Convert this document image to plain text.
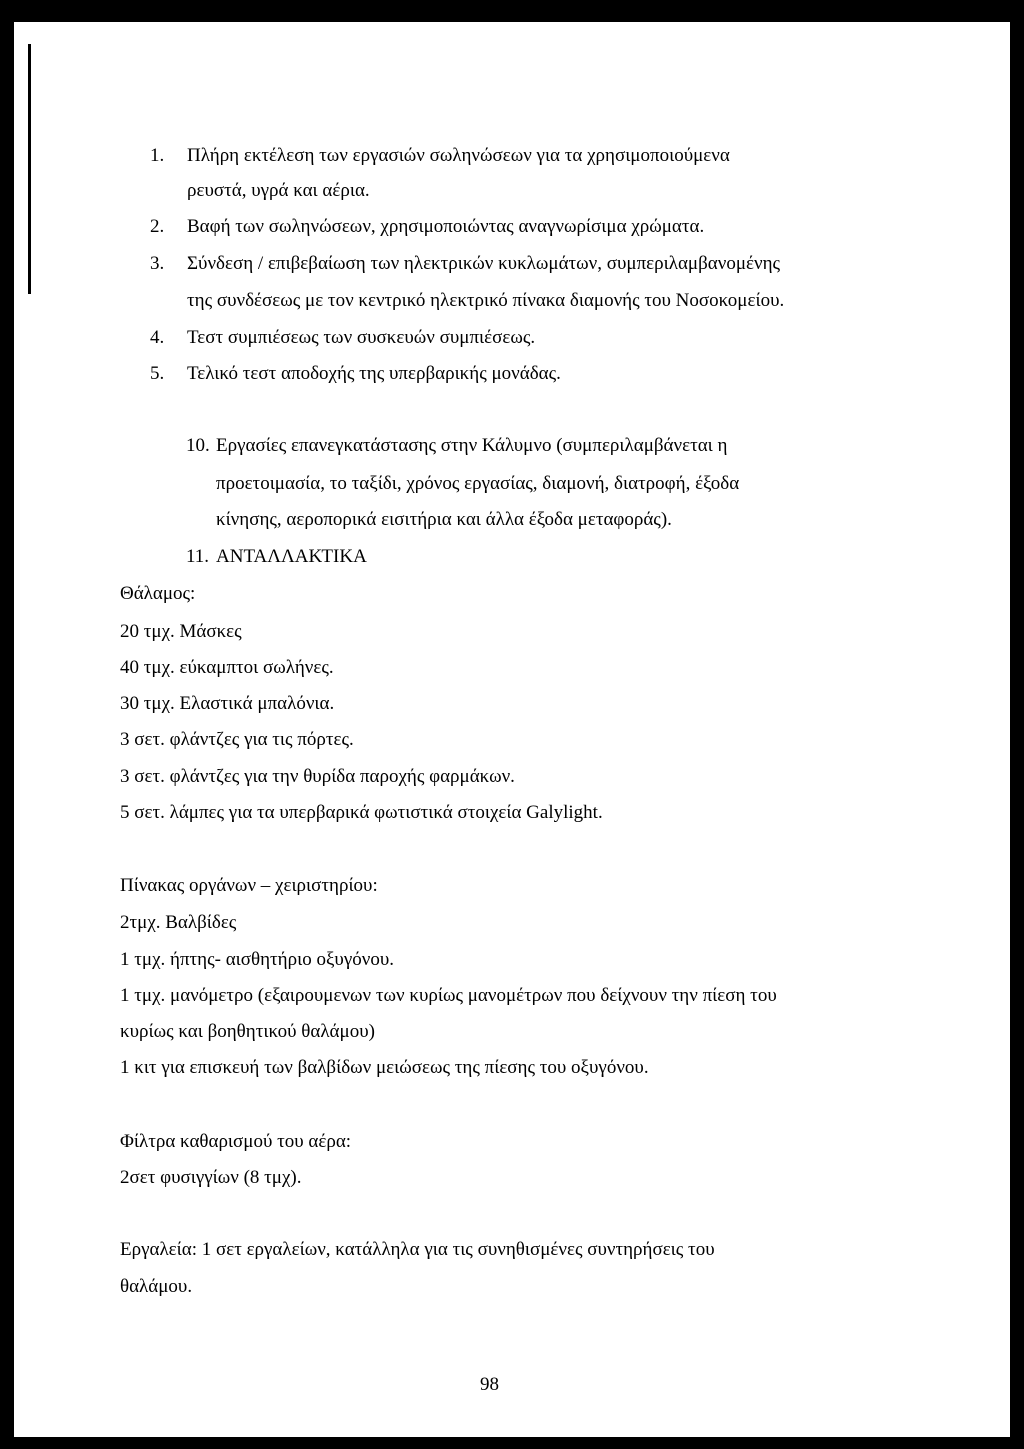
1. Πλήρη εκτέλεση των εργασιών σωληνώσεων για τα χρησιμοποιούμενα
ρευστά, υγρά και αέρια.
2. Βαφή των σωληνώσεων, χρησιμοποιώντας αναγνωρίσιμα χρώματα.
3. Σύνδεση / επιβεβαίωση των ηλεκτρικών κυκλωμάτων, συμπεριλαμβανομένης
της συνδέσεως με τον κεντρικό ηλεκτρικό πίνακα διαμονής του Νοσοκομείου.
4. Τεστ συμπιέσεως των συσκευών συμπιέσεως.
5. Τελικό τεστ αποδοχής της υπερβαρικής μονάδας.
10. Εργασίες επανεγκατάστασης στην Κάλυμνο (συμπεριλαμβάνεται η
προετοιμασία, το ταξίδι, χρόνος εργασίας, διαμονή, διατροφή, έξοδα
κίνησης, αεροπορικά εισιτήρια και άλλα έξοδα μεταφοράς).
11. ΑΝΤΑΛΛΑΚΤΙΚΑ
Θάλαμος:
20 τμχ. Μάσκες
40 τμχ. εύκαμπτοι σωλήνες.
30 τμχ. Ελαστικά μπαλόνια.
3 σετ. φλάντζες για τις πόρτες.
3 σετ. φλάντζες για την θυρίδα παροχής φαρμάκων.
5 σετ. λάμπες για τα υπερβαρικά φωτιστικά στοιχεία Galylight.
Πίνακας οργάνων – χειριστηρίου:
2τμχ. Βαλβίδες
1 τμχ. ήπτης- αισθητήριο οξυγόνου.
1 τμχ. μανόμετρο (εξαιρουμενων των κυρίως μανομέτρων που δείχνουν την πίεση του
κυρίως και βοηθητικού θαλάμου)
1 κιτ για επισκευή των βαλβίδων μειώσεως της πίεσης του οξυγόνου.
Φίλτρα καθαρισμού του αέρα:
2σετ φυσιγγίων (8 τμχ).
Εργαλεία: 1 σετ εργαλείων, κατάλληλα για τις συνηθισμένες συντηρήσεις του
θαλάμου.
98
